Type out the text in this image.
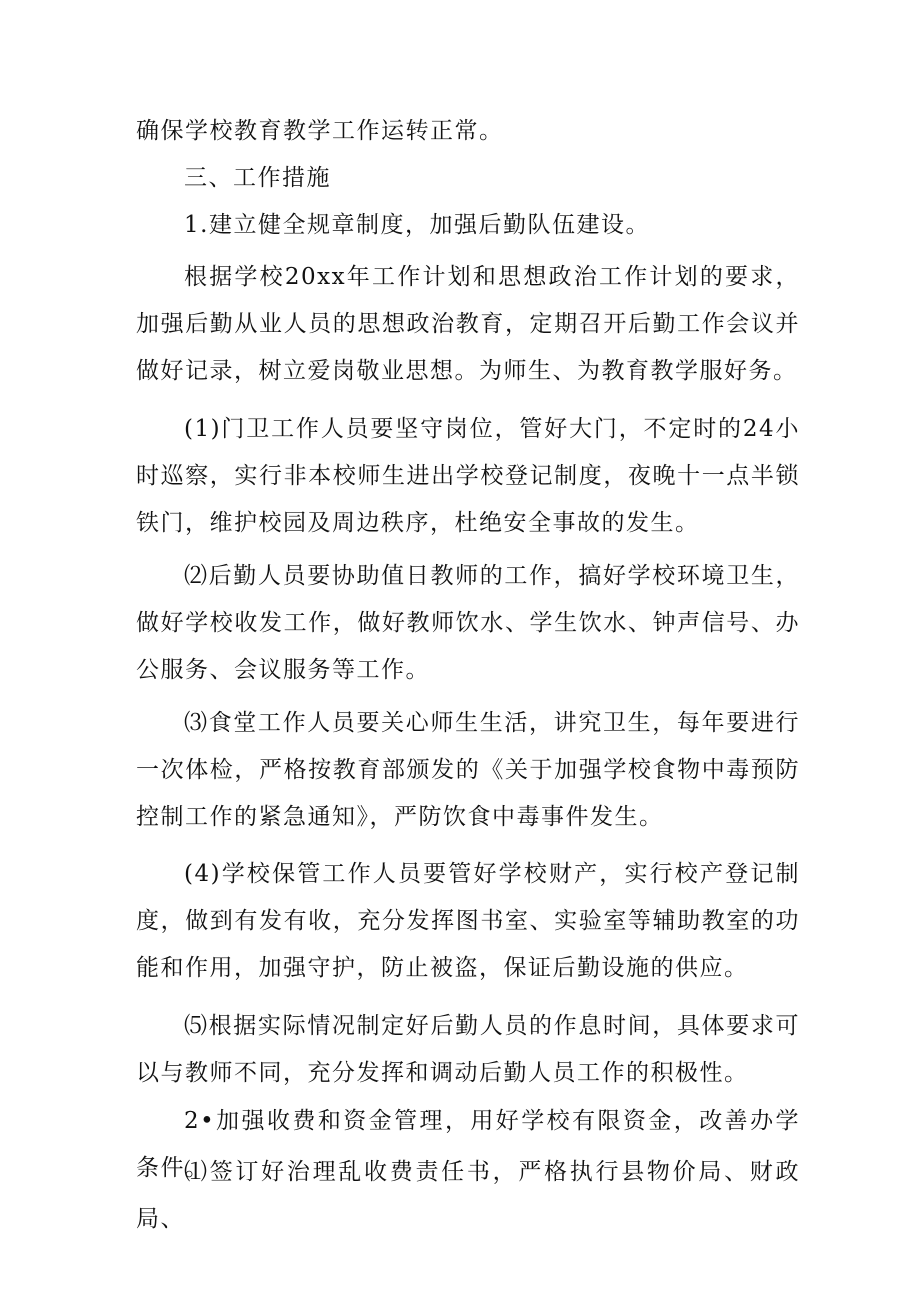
确保学校教育教学工作运转正常。

三、工作措施

1.建立健全规章制度，加强后勤队伍建设。

根据学校20xx年工作计划和思想政治工作计划的要求，加强后勤从业人员的思想政治教育，定期召开后勤工作会议并做好记录，树立爱岗敬业思想。为师生、为教育教学服好务。

(1)门卫工作人员要坚守岗位，管好大门，不定时的24小时巡察，实行非本校师生进出学校登记制度，夜晚十一点半锁铁门，维护校园及周边秩序，杜绝安全事故的发生。

⑵后勤人员要协助值日教师的工作，搞好学校环境卫生，做好学校收发工作，做好教师饮水、学生饮水、钟声信号、办公服务、会议服务等工作。

⑶食堂工作人员要关心师生生活，讲究卫生，每年要进行一次体检，严格按教育部颁发的《关于加强学校食物中毒预防控制工作的紧急通知》，严防饮食中毒事件发生。

(4)学校保管工作人员要管好学校财产，实行校产登记制度，做到有发有收，充分发挥图书室、实验室等辅助教室的功能和作用，加强守护，防止被盗，保证后勤设施的供应。

⑸根据实际情况制定好后勤人员的作息时间，具体要求可以与教师不同，充分发挥和调动后勤人员工作的积极性。

2•加强收费和资金管理，用好学校有限资金，改善办学条件。

⑴签订好治理乱收费责任书，严格执行县物价局、财政局、
